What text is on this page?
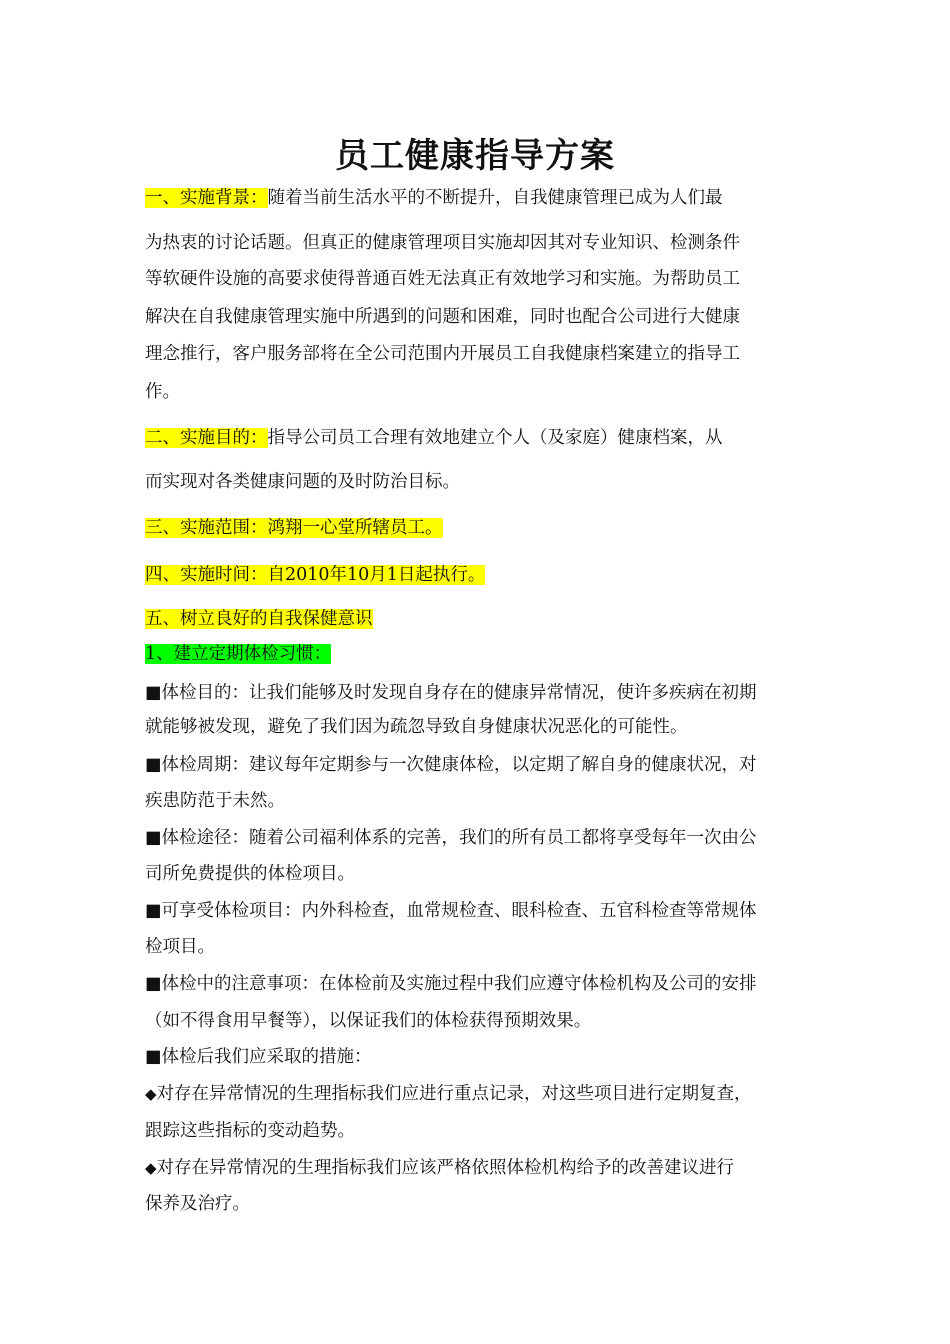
员工健康指导方案
一、实施背景：随着当前生活水平的不断提升，自我健康管理已成为人们最
为热衷的讨论话题。但真正的健康管理项目实施却因其对专业知识、检测条件
等软硬件设施的高要求使得普通百姓无法真正有效地学习和实施。为帮助员工
解决在自我健康管理实施中所遇到的问题和困难，同时也配合公司进行大健康
理念推行，客户服务部将在全公司范围内开展员工自我健康档案建立的指导工
作。
二、实施目的：指导公司员工合理有效地建立个人（及家庭）健康档案，从
而实现对各类健康问题的及时防治目标。
三、实施范围：鸿翔一心堂所辖员工。
四、实施时间：自2010年10月1日起执行。
五、树立良好的自我保健意识
1、建立定期体检习惯：
■体检目的：让我们能够及时发现自身存在的健康异常情况，使许多疾病在初期
就能够被发现，避免了我们因为疏忽导致自身健康状况恶化的可能性。
■体检周期：建议每年定期参与一次健康体检，以定期了解自身的健康状况，对
疾患防范于未然。
■体检途径：随着公司福利体系的完善，我们的所有员工都将享受每年一次由公
司所免费提供的体检项目。
■可享受体检项目：内外科检查，血常规检查、眼科检查、五官科检查等常规体
检项目。
■体检中的注意事项：在体检前及实施过程中我们应遵守体检机构及公司的安排
（如不得食用早餐等），以保证我们的体检获得预期效果。
■体检后我们应采取的措施：
◆对存在异常情况的生理指标我们应进行重点记录，对这些项目进行定期复查，
跟踪这些指标的变动趋势。
◆对存在异常情况的生理指标我们应该严格依照体检机构给予的改善建议进行
保养及治疗。
